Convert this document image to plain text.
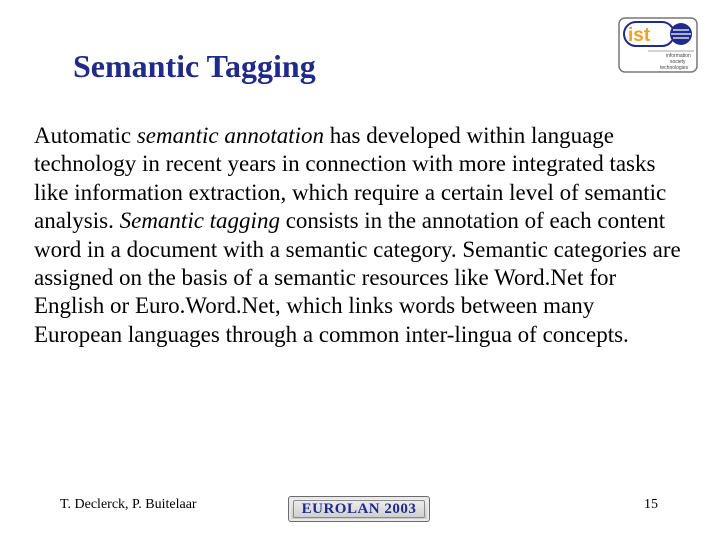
Semantic Tagging
ist
information
society
technologies
Automatic semantic annotation has developed within language technology in recent years in connection with more integrated tasks like information extraction, which require a certain level of semantic analysis. Semantic tagging consists in the annotation of each content word in a document with a semantic category. Semantic categories are assigned on the basis of a semantic resources like Word.Net for English or Euro.Word.Net, which links words between many European languages through a common inter-lingua of concepts.
T. Declerck, P. Buitelaar	EUROLAN 2003	15
